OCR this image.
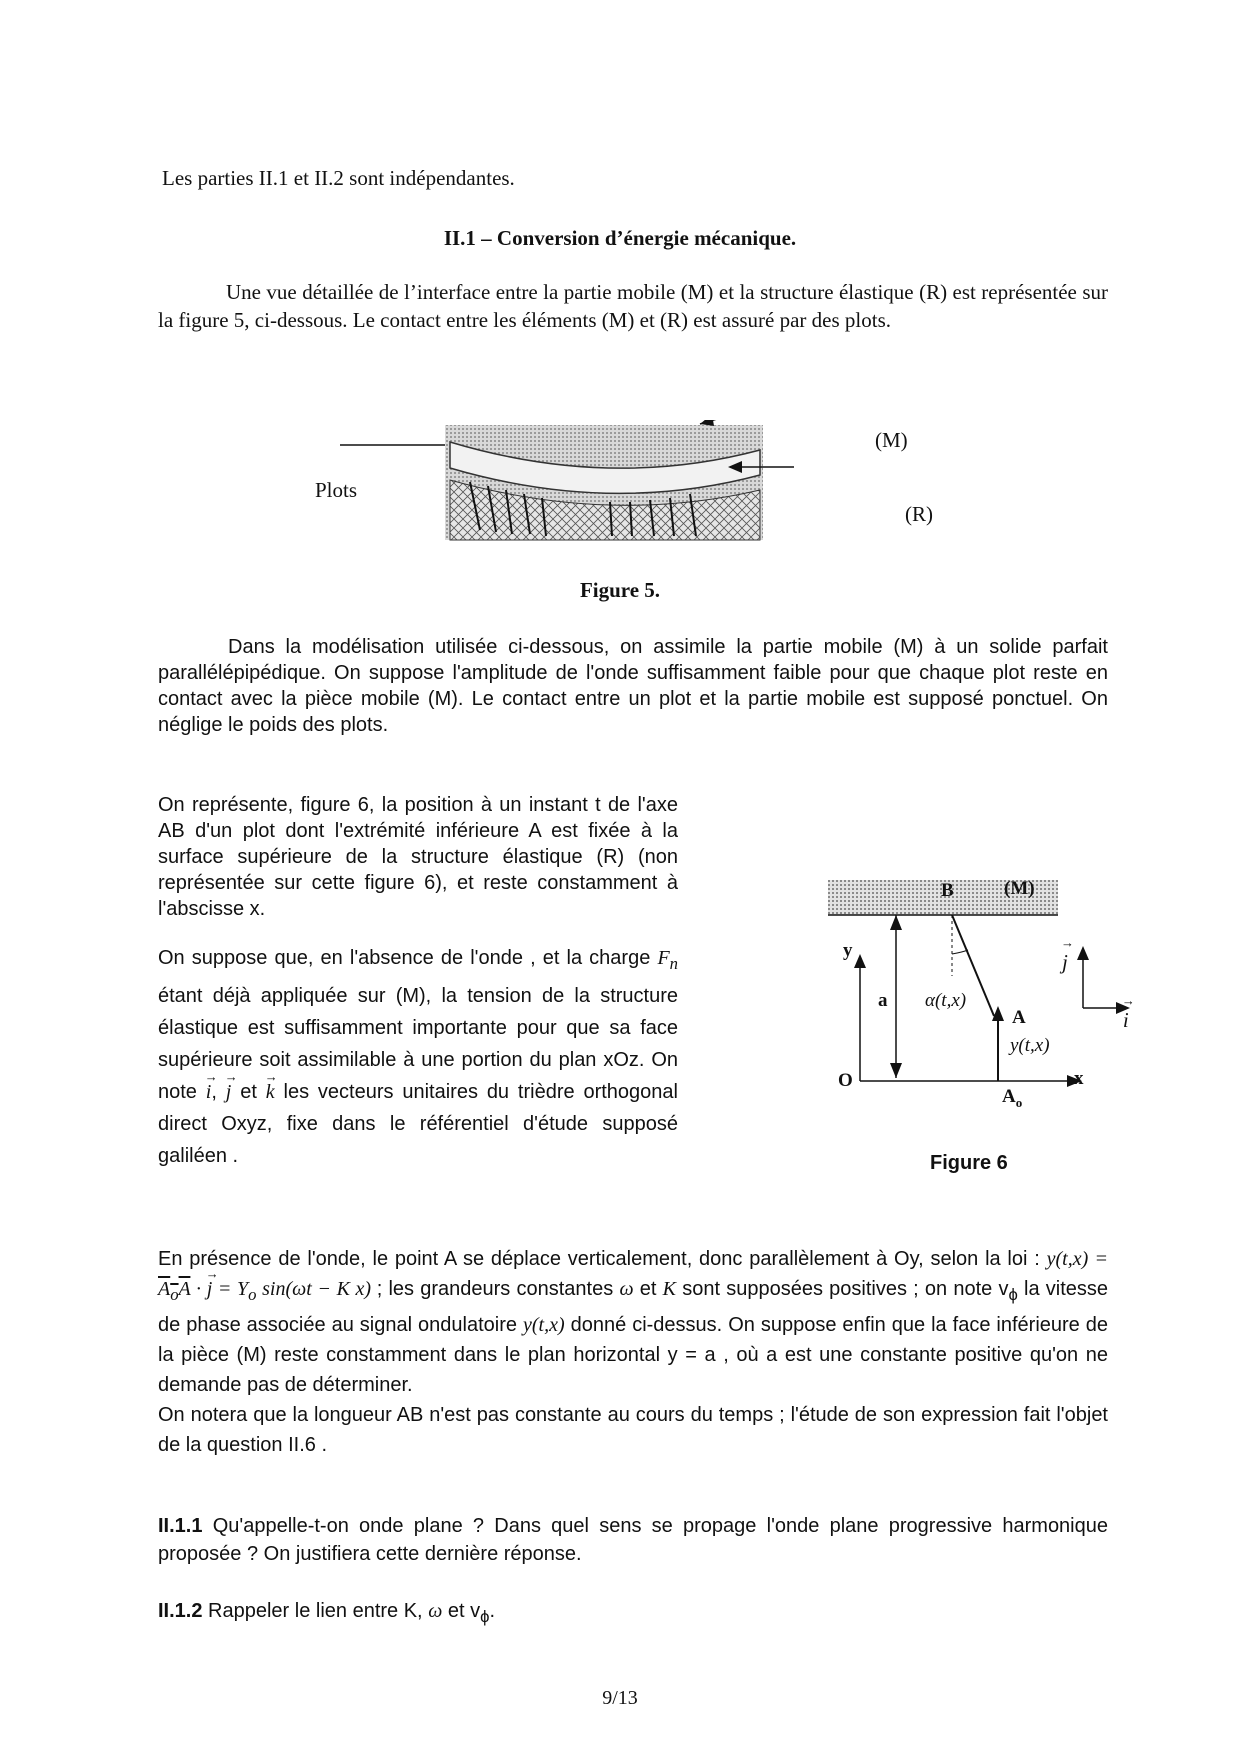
Les parties II.1 et II.2 sont indépendantes.

II.1 – Conversion d’énergie mécanique.

Une vue détaillée de l’interface entre la partie mobile (M) et la structure élastique (R) est représentée sur la figure 5, ci-dessous. Le contact entre les éléments (M) et (R) est assuré par des plots.

Plots
(M)
(R)

Figure 5.

Dans la modélisation utilisée ci-dessous, on assimile la partie mobile (M) à un solide parfait parallélépipédique. On suppose l'amplitude de l'onde suffisamment faible pour que chaque plot reste en contact avec la pièce mobile (M). Le contact entre un plot et la partie mobile est supposé ponctuel. On néglige le poids des plots.

On représente, figure 6, la position à un instant t de l'axe AB d'un plot dont l'extrémité inférieure A est fixée à la surface supérieure de la structure élastique (R) (non représentée sur cette figure 6), et reste constamment à l'abscisse x.

On suppose que, en l'absence de l'onde , et la charge $F_n$ étant déjà appliquée sur (M), la tension de la structure élastique est suffisamment importante pour que sa face supérieure soit assimilable à une portion du plan xOz. On note → i, → j et → k les vecteurs unitaires du trièdre orthogonal direct Oxyz, fixe dans le référentiel d'étude supposé galiléen .

B	(M)
y
a α(t,x)
A
y(t,x)
O
$A_o$
x
→ j → i

Figure 6

En présence de l'onde, le point A se déplace verticalement, donc parallèlement à Oy, selon la loi : $y(t,x) = A_oA$ · → $j = Y_o$ sin(ωt − K x) ; les grandeurs constantes ω et K sont supposées positives ; on note $v_\phi$ la vitesse de phase associée au signal ondulatoire y(t,x) donné ci-dessus. On suppose enfin que la face inférieure de la pièce (M) reste constamment dans le plan horizontal y = a , où a est une constante positive qu'on ne demande pas de déterminer.
On notera que la longueur AB n'est pas constante au cours du temps ; l'étude de son expression fait l'objet de la question II.6 .

II.1.1 Qu'appelle-t-on onde plane ? Dans quel sens se propage l'onde plane progressive harmonique proposée ? On justifiera cette dernière réponse.

II.1.2 Rappeler le lien entre K, ω et $v_\phi$.

9/13
